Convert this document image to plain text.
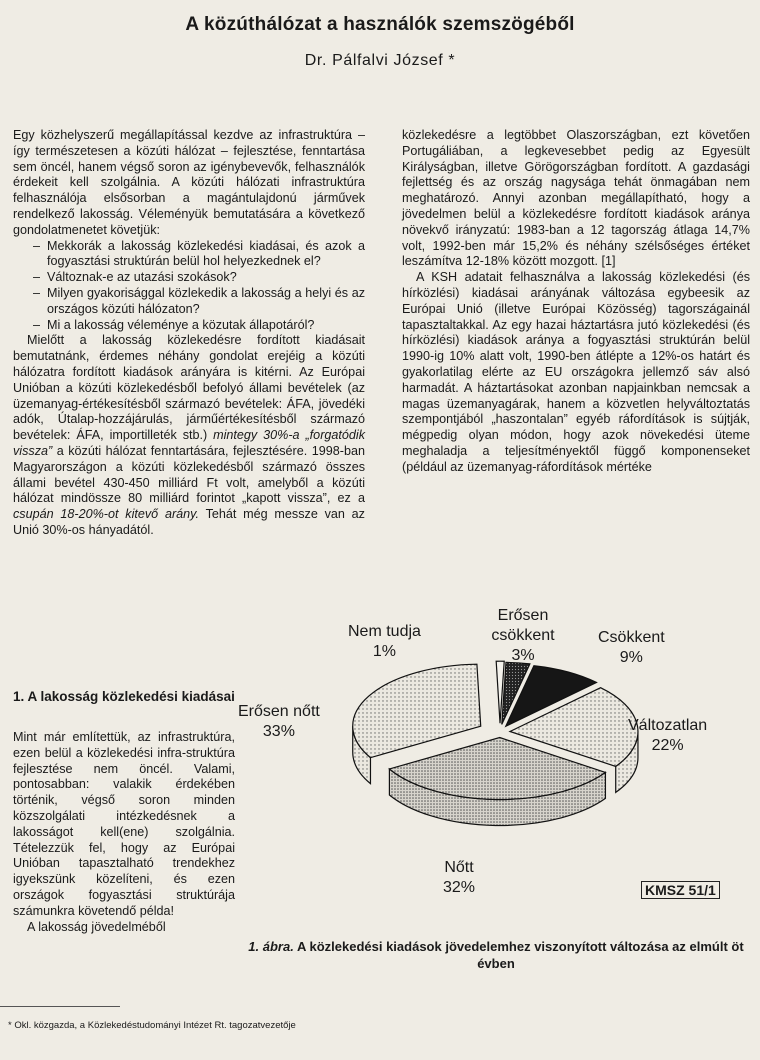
A közúthálózat a használók szemszögéből
Dr. Pálfalvi József *

Egy közhelyszerű megállapítással kezdve az infrastruktúra – így természetesen a közúti hálózat – fejlesztése, fenntartása sem öncél, hanem végső soron az igénybevevők, felhasználók érdekeit kell szolgálnia. A közúti hálózati infrastruktúra felhasználója elsősorban a magántulajdonú járművek rendelkező lakosság. Véleményük bemutatására a következő gondolatmenetet követjük:

– Mekkorák a lakosság közlekedési kiadásai, és azok a fogyasztási struktúrán belül hol helyezkednek el?
– Változnak-e az utazási szokások?
– Milyen gyakorisággal közlekedik a lakosság a helyi és az országos közúti hálózaton?
– Mi a lakosság véleménye a közutak állapotáról?

Mielőtt a lakosság közlekedésre fordított kiadásait bemutatnánk, érdemes néhány gondolat erejéig a közúti hálózatra fordított kiadások arányára is kitérni. Az Európai Unióban a közúti közlekedésből befolyó állami bevételek (az üzemanyag-értékesítésből származó bevételek: ÁFA, jövedéki adók, Útalap-hozzájárulás, járműértékesítésből származó bevételek: ÁFA, importilleték stb.) mintegy 30%-a „forgatódik vissza” a közúti hálózat fenntartására, fejlesztésére. 1998-ban Magyarországon a közúti közlekedésből származó összes állami bevétel 430-450 milliárd Ft volt, amelyből a közúti hálózat mindössze 80 milliárd forintot „kapott vissza”, ez a csupán 18-20%-ot kitevő arány. Tehát még messze van az Unió 30%-os hányadától.

1. A lakosság közlekedési kiadásai

Mint már említettük, az infrastruktúra, ezen belül a közlekedési infra-struktúra fejlesztése nem öncél. Valami, pontosabban: valakik érdekében történik, végső soron minden közszolgálati intézkedésnek a lakosságot kell(ene) szolgálnia. Tételezzük fel, hogy az Európai Unióban tapasztalható trendekhez igyekszünk közelíteni, és ezen országok fogyasztási struktúrája számunkra követendő példa!

A lakosság jövedelméből

közlekedésre a legtöbbet Olaszországban, ezt követően Portugáliában, a legkevesebbet pedig az Egyesült Királyságban, illetve Görögországban fordított. A gazdasági fejlettség és az ország nagysága tehát önmagában nem meghatározó. Annyi azonban megállapítható, hogy a jövedelmen belül a közlekedésre fordított kiadások aránya növekvő irányzatú: 1983-ban a 12 tagország átlaga 14,7% volt, 1992-ben már 15,2% és néhány szélsőséges értéket leszámítva 12-18% között mozgott. [1]

A KSH adatait felhasználva a lakosság közlekedési (és hírközlési) kiadásai arányának változása egybeesik az Európai Unió (illetve Európai Közösség) tagországainál tapasztaltakkal. Az egy hazai háztartásra jutó közlekedési (és hírközlési) kiadások aránya a fogyasztási struktúrán belül 1990-ig 10% alatt volt, 1990-ben átlépte a 12%-os határt és gyakorlatilag elérte az EU országokra jellemző sáv alsó harmadát. A háztartásokat azonban napjainkban nemcsak a magas üzemanyagárak, hanem a közvetlen helyváltoztatás szempontjából „haszontalan” egyéb ráfordítások is sújtják, mégpedig olyan módon, hogy azok növekedési üteme meghaladja a teljesítményektől függő komponenseket (például az üzemanyag-ráfordítások mértéke

Nem tudja
1%
Erősen csökkent
3%
Csökkent
9%
Változatlan
22%
Nőtt
32%
Erősen nőtt
33%
KMSZ 51/1
1. ábra. A közlekedési kiadások jövedelemhez viszonyított változása az elmúlt öt évben
* Okl. közgazda, a Közlekedéstudományi Intézet Rt. tagozatvezetője
